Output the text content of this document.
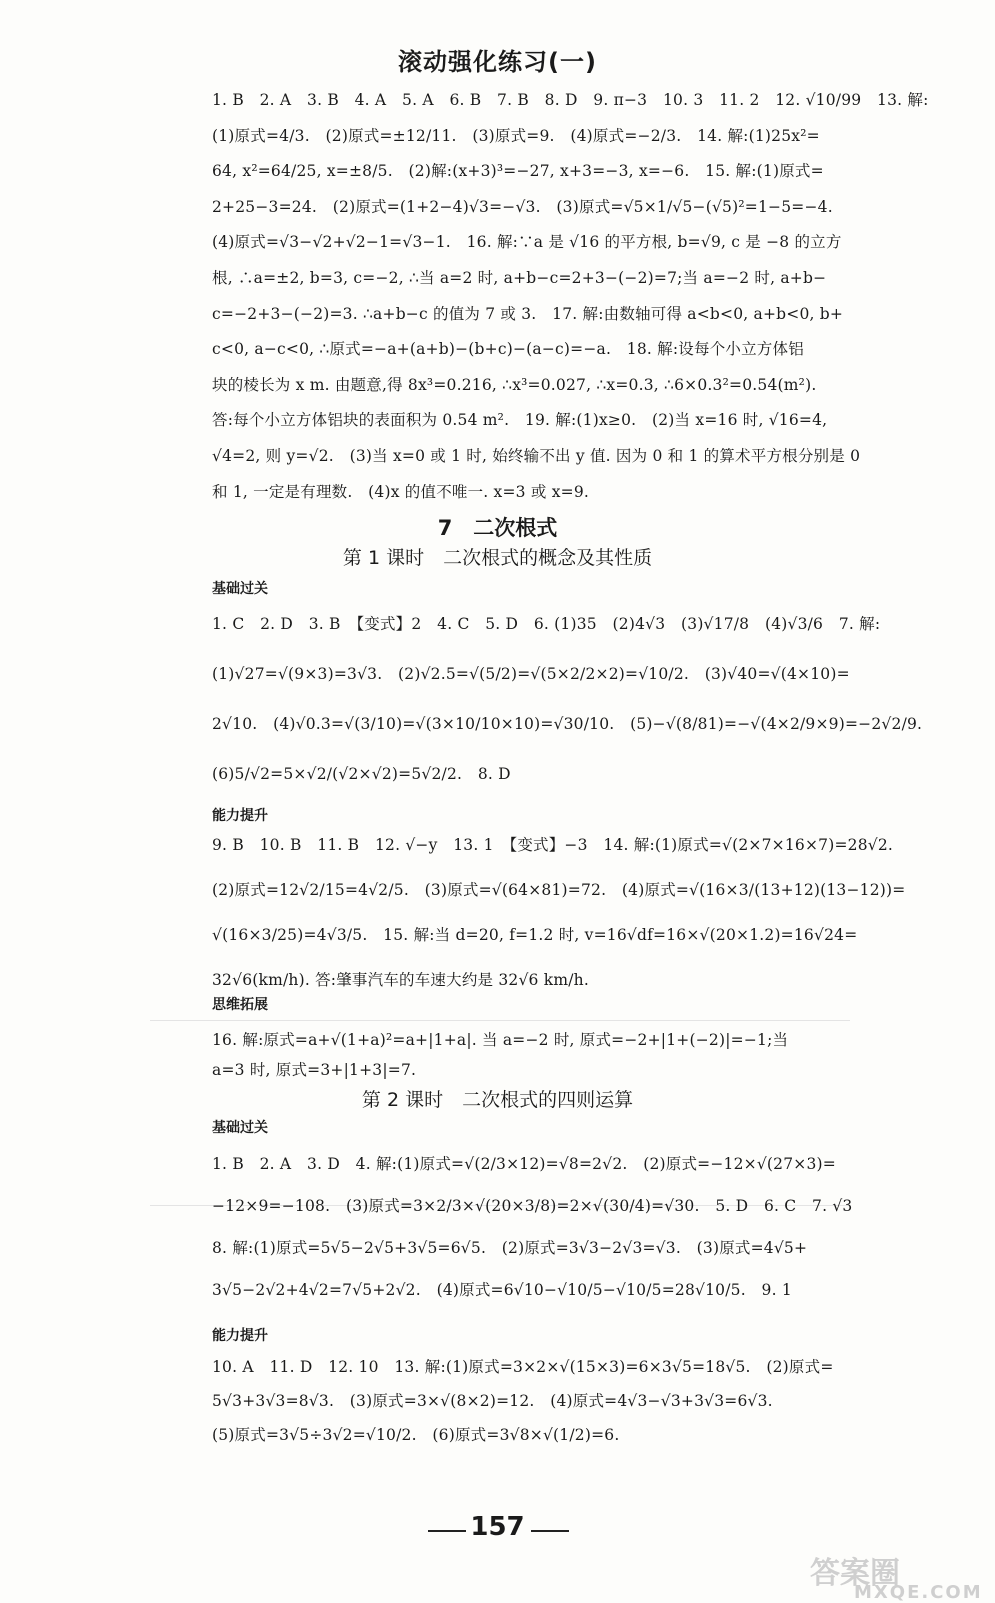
滚动强化练习(一)
1. B　2. A　3. B　4. A　5. A　6. B　7. B　8. D　9. π−3　10. 3　11. 2　12. √10/99　13. 解:
(1)原式=4/3.　(2)原式=±12/11.　(3)原式=9.　(4)原式=−2/3.　14. 解:(1)25x²=
64, x²=64/25, x=±8/5.　(2)解:(x+3)³=−27, x+3=−3, x=−6.　15. 解:(1)原式=
2+25−3=24.　(2)原式=(1+2−4)√3=−√3.　(3)原式=√5×1/√5−(√5)²=1−5=−4.
(4)原式=√3−√2+√2−1=√3−1.　16. 解:∵a 是 √16 的平方根, b=√9, c 是 −8 的立方
根, ∴a=±2, b=3, c=−2, ∴当 a=2 时, a+b−c=2+3−(−2)=7;当 a=−2 时, a+b−
c=−2+3−(−2)=3. ∴a+b−c 的值为 7 或 3.　17. 解:由数轴可得 a<b<0, a+b<0, b+
c<0, a−c<0, ∴原式=−a+(a+b)−(b+c)−(a−c)=−a.　18. 解:设每个小立方体铝
块的棱长为 x m. 由题意,得 8x³=0.216, ∴x³=0.027, ∴x=0.3, ∴6×0.3²=0.54(m²).
答:每个小立方体铝块的表面积为 0.54 m².　19. 解:(1)x≥0.　(2)当 x=16 时, √16=4,
√4=2, 则 y=√2.　(3)当 x=0 或 1 时, 始终输不出 y 值. 因为 0 和 1 的算术平方根分别是 0
和 1, 一定是有理数.　(4)x 的值不唯一. x=3 或 x=9.
7　二次根式
第 1 课时　二次根式的概念及其性质
基础过关
1. C　2. D　3. B　【变式】2　4. C　5. D　6. (1)35　(2)4√3　(3)√17/8　(4)√3/6　7. 解:
(1)√27=√(9×3)=3√3.　(2)√2.5=√(5/2)=√(5×2/2×2)=√10/2.　(3)√40=√(4×10)=
2√10.　(4)√0.3=√(3/10)=√(3×10/10×10)=√30/10.　(5)−√(8/81)=−√(4×2/9×9)=−2√2/9.
(6)5/√2=5×√2/(√2×√2)=5√2/2.　8. D
能力提升
9. B　10. B　11. B　12. √−y　13. 1　【变式】−3　14. 解:(1)原式=√(2×7×16×7)=28√2.
(2)原式=12√2/15=4√2/5.　(3)原式=√(64×81)=72.　(4)原式=√(16×3/(13+12)(13−12))=
√(16×3/25)=4√3/5.　15. 解:当 d=20, f=1.2 时, v=16√df=16×√(20×1.2)=16√24=
32√6(km/h). 答:肇事汽车的车速大约是 32√6 km/h.
思维拓展
16. 解:原式=a+√(1+a)²=a+|1+a|. 当 a=−2 时, 原式=−2+|1+(−2)|=−1;当
a=3 时, 原式=3+|1+3|=7.
第 2 课时　二次根式的四则运算
基础过关
1. B　2. A　3. D　4. 解:(1)原式=√(2/3×12)=√8=2√2.　(2)原式=−12×√(27×3)=
−12×9=−108.　(3)原式=3×2/3×√(20×3/8)=2×√(30/4)=√30.　5. D　6. C　7. √3
8. 解:(1)原式=5√5−2√5+3√5=6√5.　(2)原式=3√3−2√3=√3.　(3)原式=4√5+
3√5−2√2+4√2=7√5+2√2.　(4)原式=6√10−√10/5−√10/5=28√10/5.　9. 1
能力提升
10. A　11. D　12. 10　13. 解:(1)原式=3×2×√(15×3)=6×3√5=18√5.　(2)原式=
5√3+3√3=8√3.　(3)原式=3×√(8×2)=12.　(4)原式=4√3−√3+3√3=6√3.
(5)原式=3√5÷3√2=√10/2.　(6)原式=3√8×√(1/2)=6.
157
答案圈
MXQE.COM
